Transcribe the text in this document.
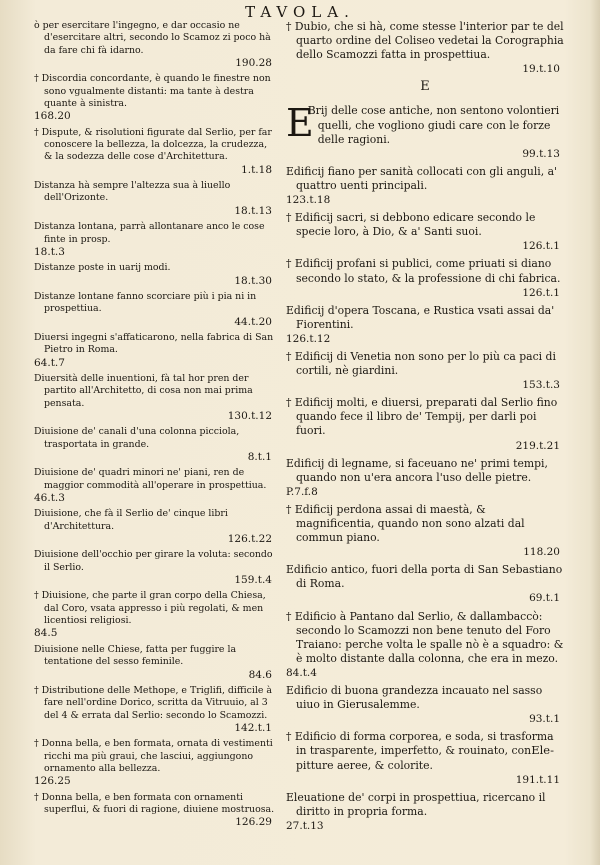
TAVOLA.
ò per esercitare l'ingegno, e dar occasio ne d'esercitare altri, secondo lo Scamoz zi poco hà da fare chi fà idarno.
190.28
† Discordia concordante, è quando le finestre non sono vgualmente distanti: ma tante à destra quante à sinistra.
168.20
† Dispute, & risolutioni figurate dal Serlio, per far conoscere la bellezza, la dolcezza, la crudezza, & la sodezza delle cose d'Architettura.
1.t.18
Distanza hà sempre l'altezza sua à liuello dell'Orizonte.
18.t.13
Distanza lontana, parrà allontanare anco le cose finte in prosp.
18.t.3
Distanze poste in uarij modi.
18.t.30
Distanze lontane fanno scorciare più i pia ni in prospettiua.
44.t.20
Diuersi ingegni s'affaticarono, nella fabrica di San Pietro in Roma.
64.t.7
Diuersità delle inuentioni, fà tal hor pren der partito all'Architetto, di cosa non mai prima pensata.
130.t.12
Diuisione de' canali d'una colonna picciola, trasportata in grande.
8.t.1
Diuisione de' quadri minori ne' piani, ren de maggior commodità all'operare in prospettiua.
46.t.3
Diuisione, che fà il Serlio de' cinque libri d'Architettura.
126.t.22
Diuisione dell'occhio per girare la voluta: secondo il Serlio.
159.t.4
† Diuisione, che parte il gran corpo della Chiesa, dal Coro, vsata appresso i più regolati, & men licentiosi religiosi.
84.5
Diuisione nelle Chiese, fatta per fuggire la tentatione del sesso feminile.
84.6
† Distributione delle Methope, e Triglifi, difficile à fare nell'ordine Dorico, scritta da Vitruuio, al 3 del 4 & errata dal Serlio: secondo lo Scamozzi.
142.t.1
† Donna bella, e ben formata, ornata di vestimenti ricchi ma più graui, che lasciui, aggiungono ornamento alla bellezza.
126.25
† Donna bella, e ben formata con ornamenti superflui, & fuori di ragione, diuiene mostruosa.
126.29
† Dubio, che si hà, come stesse l'interior par te del quarto ordine del Coliseo vedetai la Corographia dello Scamozzi fatta in prospettiua.
19.t.10
E
E
Brij delle cose antiche, non sentono volontieri quelli, che vogliono giudi care con le forze delle ragioni.
99.t.13
Edificij fiano per sanità collocati con gli anguli, a' quattro uenti principali.
123.t.18
† Edificij sacri, si debbono edicare secondo le specie loro, à Dio, & a' Santi suoi.
126.t.1
† Edificij profani si publici, come priuati si diano secondo lo stato, & la professione di chi fabrica.
126.t.1
Edificij d'opera Toscana, e Rustica vsati assai da' Fiorentini.
126.t.12
† Edificij di Venetia non sono per lo più ca paci di cortili, nè giardini.
153.t.3
† Edificij molti, e diuersi, preparati dal Serlio fino quando fece il libro de' Tempij, per darli poi fuori.
219.t.21
Edificij di legname, si faceuano ne' primi tempi, quando non u'era ancora l'uso delle pietre.
P.7.f.8
† Edificij perdona assai di maestà, & magnificentia, quando non sono alzati dal commun piano.
118.20
Edificio antico, fuori della porta di San Sebastiano di Roma.
69.t.1
† Edificio à Pantano dal Serlio, & dallambaccò: secondo lo Scamozzi non bene tenuto del Foro Traiano: perche volta le spalle nò è a squadro: & è molto distante dalla colonna, che era in mezo.
84.t.4
Edificio di buona grandezza incauato nel sasso uiuo in Gierusalemme.
93.t.1
† Edificio di forma corporea, e soda, si trasforma in trasparente, imperfetto, & rouinato, con pitture aeree, & colorite.
191.t.11
Eleuatione de' corpi in prospettiua, ricercano il diritto in propria forma.
27.t.13
Ele-
